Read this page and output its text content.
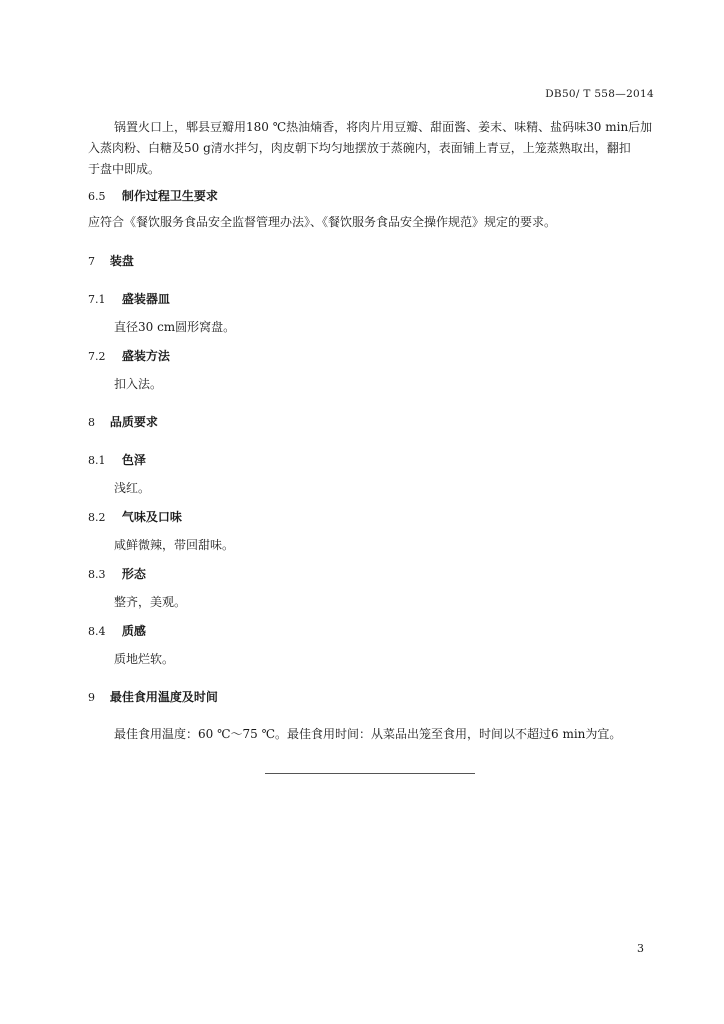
DB50/ T 558—2014
锅置火口上，郫县豆瓣用180 ℃热油煵香，将肉片用豆瓣、甜面酱、姜末、味精、盐码味30 min后加
入蒸肉粉、白糖及50 g清水拌匀，肉皮朝下均匀地摆放于蒸碗内，表面铺上青豆，上笼蒸熟取出，翻扣
于盘中即成。
6.5 制作过程卫生要求
应符合《餐饮服务食品安全监督管理办法》、《餐饮服务食品安全操作规范》规定的要求。
7 装盘
7.1 盛装器皿
直径30 cm圆形窝盘。
7.2 盛装方法
扣入法。
8 品质要求
8.1 色泽
浅红。
8.2 气味及口味
咸鲜微辣，带回甜味。
8.3 形态
整齐，美观。
8.4 质感
质地烂软。
9 最佳食用温度及时间
最佳食用温度：60 ℃～75 ℃。最佳食用时间：从菜品出笼至食用，时间以不超过6 min为宜。
3
